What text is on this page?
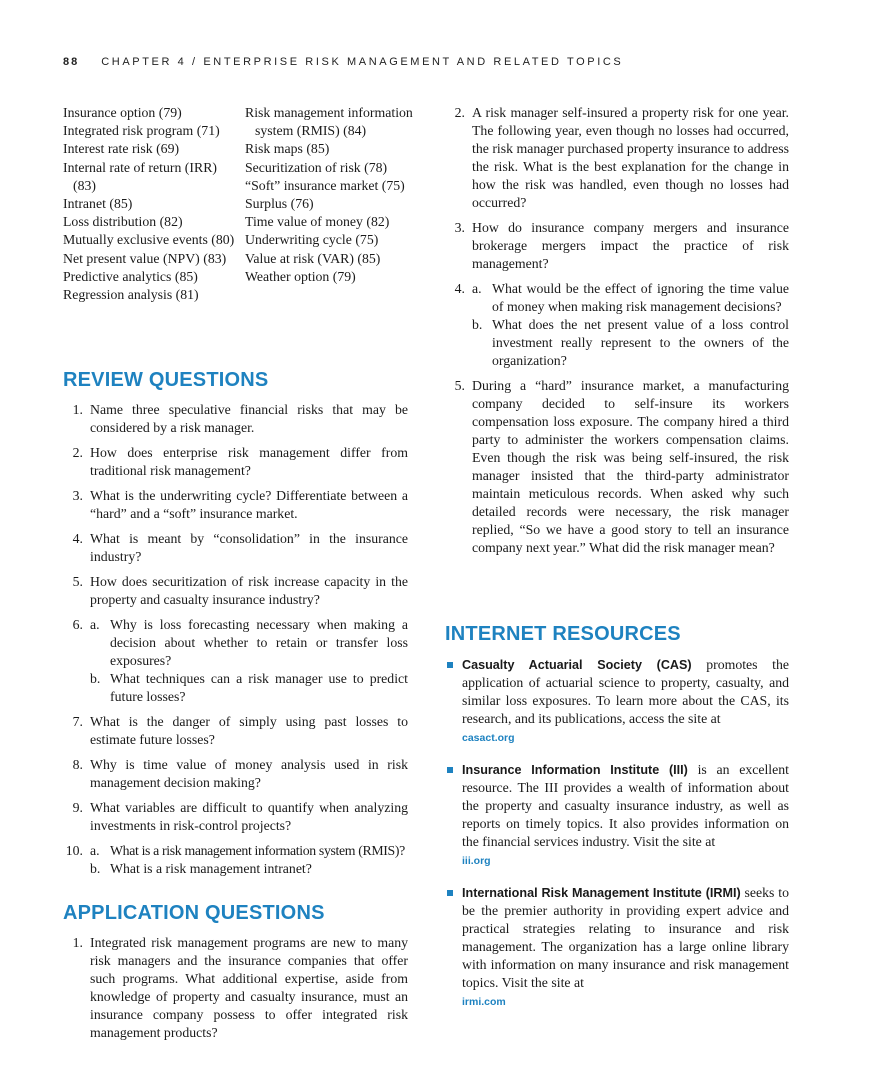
88 CHAPTER 4 / ENTERPRISE RISK MANAGEMENT AND RELATED TOPICS

Insurance option (79)

Integrated risk program (71)

Interest rate risk (69)

Internal rate of return (IRR) (83)

Intranet (85)

Loss distribution (82)

Mutually exclusive events (80)

Net present value (NPV) (83)

Predictive analytics (85)

Regression analysis (81)

Risk management information system (RMIS) (84)

Risk maps (85)

Securitization of risk (78)

“Soft” insurance market (75)

Surplus (76)

Time value of money (82)

Underwriting cycle (75)

Value at risk (VAR) (85)

Weather option (79)

REVIEW QUESTIONS
1. Name three speculative financial risks that may be considered by a risk manager.
2. How does enterprise risk management differ from traditional risk management?
3. What is the underwriting cycle? Differentiate between a “hard” and a “soft” insurance market.
4. What is meant by “consolidation” in the insurance industry?
5. How does securitization of risk increase capacity in the property and casualty insurance industry?
6. a. Why is loss forecasting necessary when making a decision about whether to retain or transfer loss exposures?
b. What techniques can a risk manager use to predict future losses?
7. What is the danger of simply using past losses to estimate future losses?
8. Why is time value of money analysis used in risk management decision making?
9. What variables are difficult to quantify when analyzing investments in risk-control projects?
10. a. What is a risk management information system (RMIS)?
b. What is a risk management intranet?
APPLICATION QUESTIONS
1. Integrated risk management programs are new to many risk managers and the insurance companies that offer such programs. What additional expertise, aside from knowledge of property and casualty insurance, must an insurance company possess to offer integrated risk management products?
2. A risk manager self-insured a property risk for one year. The following year, even though no losses had occurred, the risk manager purchased property insurance to address the risk. What is the best explanation for the change in how the risk was handled, even though no losses had occurred?
3. How do insurance company mergers and insurance brokerage mergers impact the practice of risk management?
4. a. What would be the effect of ignoring the time value of money when making risk management decisions?
b. What does the net present value of a loss control investment really represent to the owners of the organization?
5. During a “hard” insurance market, a manufacturing company decided to self-insure its workers compensation loss exposure. The company hired a third party to administer the workers compensation claims. Even though the risk was being self-insured, the risk manager insisted that the third-party administrator maintain meticulous records. When asked why such detailed records were necessary, the risk manager replied, “So we have a good story to tell an insurance company next year.” What did the risk manager mean?
INTERNET RESOURCES
Casualty Actuarial Society (CAS) promotes the application of actuarial science to property, casualty, and similar loss exposures. To learn more about the CAS, its research, and its publications, access the site at
casact.org
Insurance Information Institute (III) is an excellent resource. The III provides a wealth of information about the property and casualty insurance industry, as well as reports on timely topics. It also provides information on the financial services industry. Visit the site at
iii.org
International Risk Management Institute (IRMI) seeks to be the premier authority in providing expert advice and practical strategies relating to insurance and risk management. The organization has a large online library with information on many insurance and risk management topics. Visit the site at
irmi.com
